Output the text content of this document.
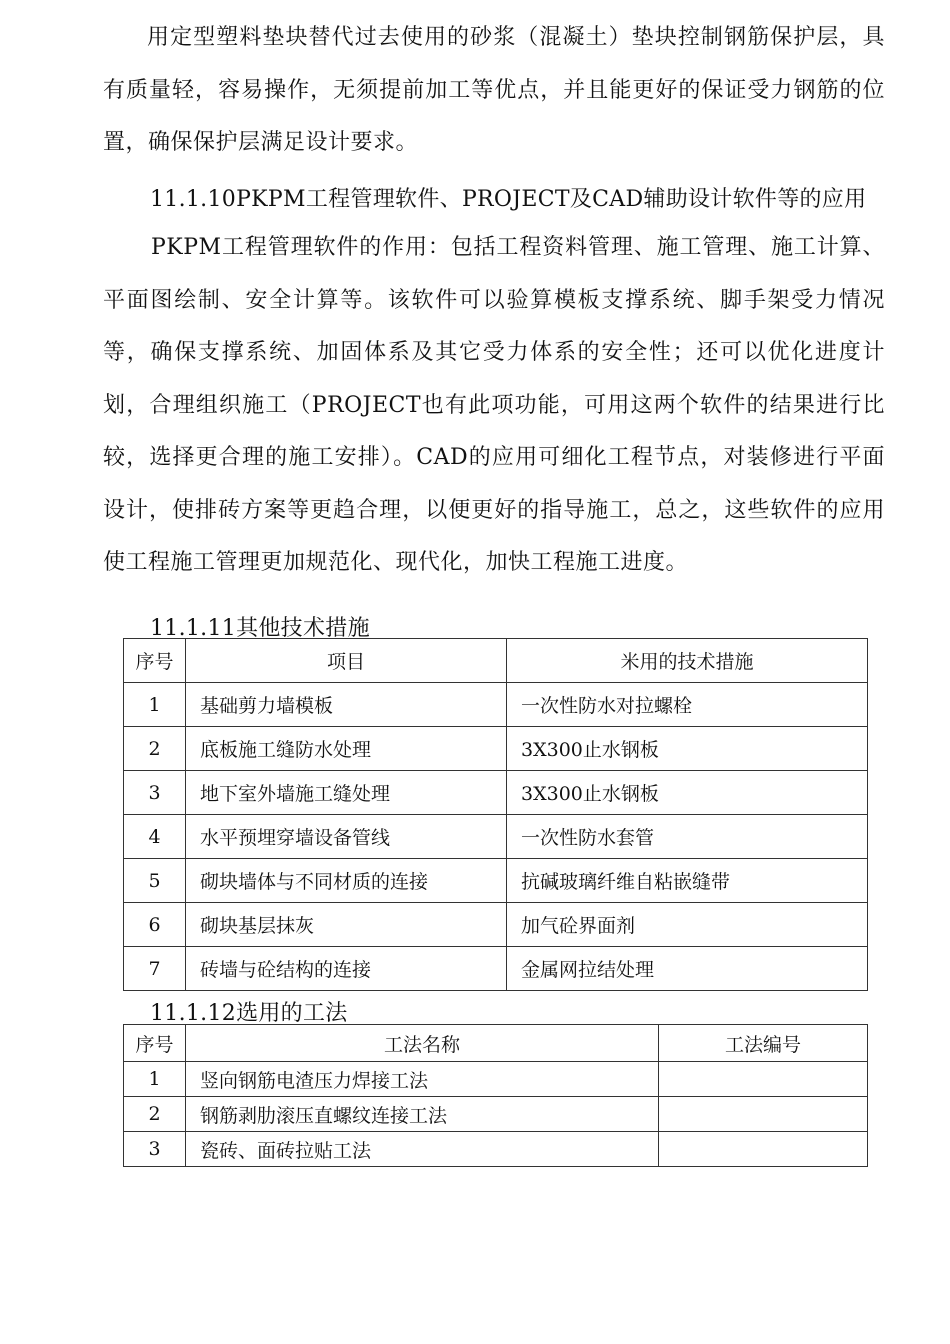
用定型塑料垫块替代过去使用的砂浆（混凝土）垫块控制钢筋保护层，具有质量轻，容易操作，无须提前加工等优点，并且能更好的保证受力钢筋的位置，确保保护层满足设计要求。

11.1.10PKPM工程管理软件、PROJECT及CAD辅助设计软件等的应用

PKPM工程管理软件的作用：包括工程资料管理、施工管理、施工计算、平面图绘制、安全计算等。该软件可以验算模板支撑系统、脚手架受力情况等，确保支撑系统、加固体系及其它受力体系的安全性；还可以优化进度计划，合理组织施工（PROJECT也有此项功能，可用这两个软件的结果进行比较，选择更合理的施工安排）。CAD的应用可细化工程节点，对装修进行平面设计，使排砖方案等更趋合理，以便更好的指导施工，总之，这些软件的应用使工程施工管理更加规范化、现代化，加快工程施工进度。

11.1.11其他技术措施

序号	项目	米用的技术措施
1	基础剪力墙模板	一次性防水对拉螺栓
2	底板施工缝防水处理	3X300止水钢板
3	地下室外墙施工缝处理	3X300止水钢板
4	水平预埋穿墙设备管线	一次性防水套管
5	砌块墙体与不同材质的连接	抗碱玻璃纤维自粘嵌缝带
6	砌块基层抹灰	加气砼界面剂
7	砖墙与砼结构的连接	金属网拉结处理

11.1.12选用的工法

序号	工法名称	工法编号
1	竖向钢筋电渣压力焊接工法	
2	钢筋剥肋滚压直螺纹连接工法	
3	瓷砖、面砖拉贴工法	
